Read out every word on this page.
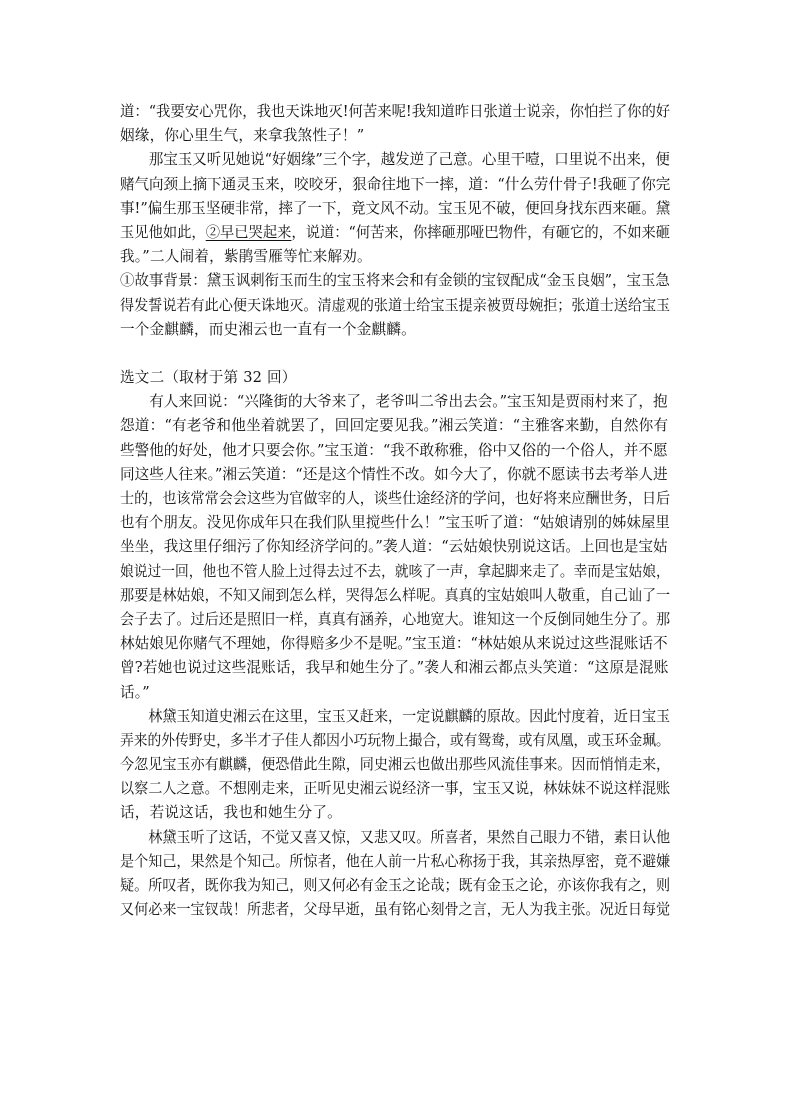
道：“我要安心咒你，我也天诛地灭!何苦来呢!我知道昨日张道士说亲，你怕拦了你的好
姻缘，你心里生气，来拿我煞性子！”
　　那宝玉又听见她说“好姻缘”三个字，越发逆了己意。心里干噎，口里说不出来，便
赌气向颈上摘下通灵玉来，咬咬牙，狠命往地下一摔，道：“什么劳什骨子!我砸了你完
事!”偏生那玉坚硬非常，摔了一下，竟文风不动。宝玉见不破，便回身找东西来砸。黛
玉见他如此，②早已哭起来，说道：“何苦来，你摔砸那哑巴物件，有砸它的，不如来砸
我。”二人闹着，紫鹃雪雁等忙来解劝。
①故事背景：黛玉讽刺衔玉而生的宝玉将来会和有金锁的宝钗配成“金玉良姻”，宝玉急
得发誓说若有此心便天诛地灭。清虚观的张道士给宝玉提亲被贾母婉拒；张道士送给宝玉
一个金麒麟，而史湘云也一直有一个金麒麟。
选文二（取材于第 32 回）
　　有人来回说：“兴隆街的大爷来了，老爷叫二爷出去会。”宝玉知是贾雨村来了，抱
怨道：“有老爷和他坐着就罢了，回回定要见我。”湘云笑道：“主雅客来勤，自然你有
些警他的好处，他才只要会你。”宝玉道：“我不敢称雅，俗中又俗的一个俗人，并不愿
同这些人往来。”湘云笑道：“还是这个情性不改。如今大了，你就不愿读书去考举人进
士的，也该常常会会这些为官做宰的人，谈些仕途经济的学问，也好将来应酬世务，日后
也有个朋友。没见你成年只在我们队里搅些什么！”宝玉听了道：“姑娘请别的姊妹屋里
坐坐，我这里仔细污了你知经济学问的。”袭人道：“云姑娘快别说这话。上回也是宝姑
娘说过一回，他也不管人脸上过得去过不去，就咳了一声，拿起脚来走了。幸而是宝姑娘，
那要是林姑娘，不知又闹到怎么样，哭得怎么样呢。真真的宝姑娘叫人敬重，自己讪了一
会子去了。过后还是照旧一样，真真有涵养，心地宽大。谁知这一个反倒同她生分了。那
林姑娘见你赌气不理她，你得赔多少不是呢。”宝玉道：“林姑娘从来说过这些混账话不
曾?若她也说过这些混账话，我早和她生分了。”袭人和湘云都点头笑道：“这原是混账
话。”
　　林黛玉知道史湘云在这里，宝玉又赶来，一定说麒麟的原故。因此忖度着，近日宝玉
弄来的外传野史，多半才子佳人都因小巧玩物上撮合，或有鸳鸯，或有凤凰，或玉环金珮。
今忽见宝玉亦有麒麟，便恐借此生隙，同史湘云也做出那些风流佳事来。因而悄悄走来，
以察二人之意。不想刚走来，正听见史湘云说经济一事，宝玉又说，林妹妹不说这样混账
话，若说这话，我也和她生分了。
　　林黛玉听了这话，不觉又喜又惊，又悲又叹。所喜者，果然自己眼力不错，素日认他
是个知己，果然是个知己。所惊者，他在人前一片私心称扬于我，其亲热厚密，竟不避嫌
疑。所叹者，既你我为知己，则又何必有金玉之论哉；既有金玉之论，亦该你我有之，则
又何必来一宝钗哉！所悲者，父母早逝，虽有铭心刻骨之言，无人为我主张。况近日每觉
